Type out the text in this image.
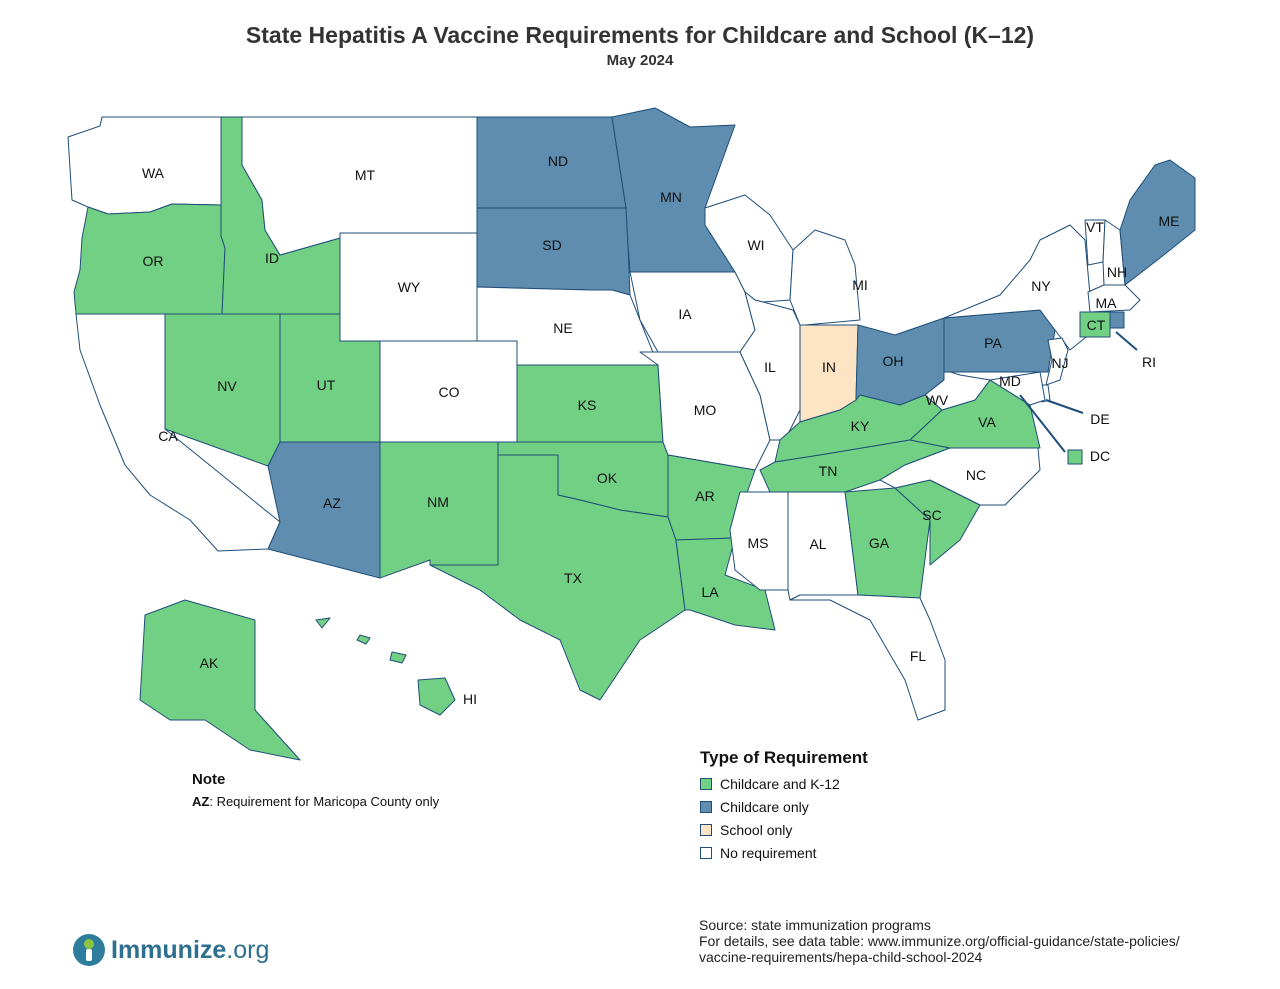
State Hepatitis A Vaccine Requirements for Childcare and School (K–12)
May 2024
WA
OR
CA
ID
NV
MT
WY
UT
AZ
CO
NM
ND
SD
NE
KS
OK
TX
MN
IA
MO
AR
LA
WI
IL
MI
IN	OH
KY
TN
MS	AL	GA
FL
SC
NC
VA
WV
PA
NY
VT
NH
ME
MA
CT
RI
NJ
DE
MD
DC
AK
HI
Note
AZ: Requirement for Maricopa County only
Type of Requirement
Childcare and K-12
Childcare only
School only
No requirement
Source: state immunization programs
For details, see data table: www.immunize.org/official-guidance/state-policies/
vaccine-requirements/hepa-child-school-2024
Immunize.org
